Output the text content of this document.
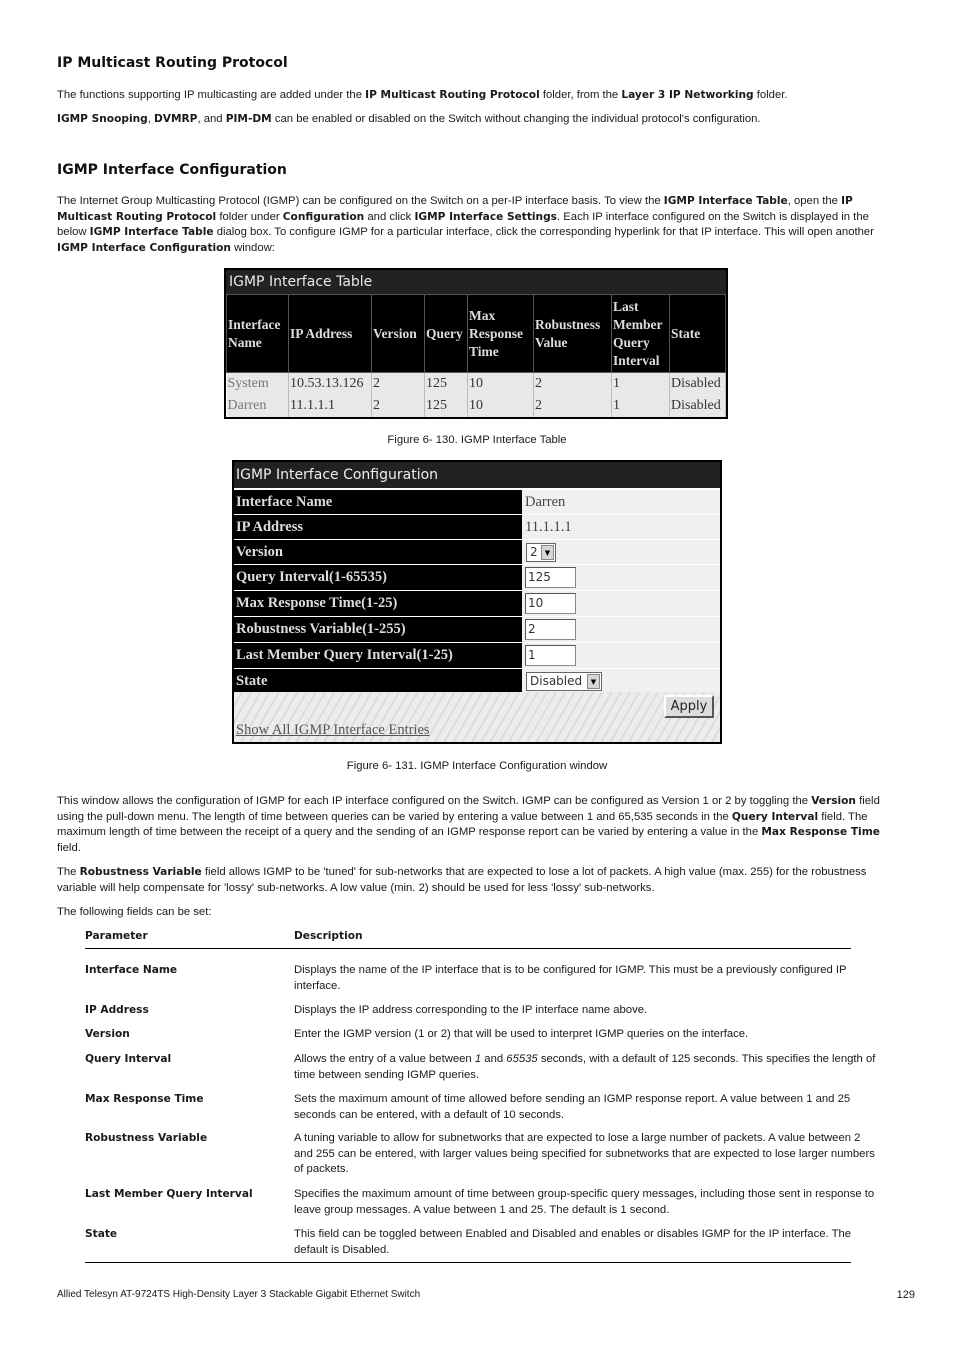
IP Multicast Routing Protocol
The functions supporting IP multicasting are added under the IP Multicast Routing Protocol folder, from the Layer 3 IP Networking folder.
IGMP Snooping, DVMRP, and PIM-DM can be enabled or disabled on the Switch without changing the individual protocol's configuration.
IGMP Interface Configuration
The Internet Group Multicasting Protocol (IGMP) can be configured on the Switch on a per-IP interface basis. To view the IGMP Interface Table, open the IP Multicast Routing Protocol folder under Configuration and click IGMP Interface Settings. Each IP interface configured on the Switch is displayed in the below IGMP Interface Table dialog box. To configure IGMP for a particular interface, click the corresponding hyperlink for that IP interface. This will open another IGMP Interface Configuration window:
IGMP Interface Table
Interface Name	IP Address	Version	Query	Max Response Time	Robustness Value	Last Member Query Interval	State
System	10.53.13.126	2	125	10	2	1	Disabled
Darren	11.1.1.1	2	125	10	2	1	Disabled
Figure 6- 130. IGMP Interface Table
IGMP Interface Configuration
Interface Name	Darren
IP Address	11.1.1.1
Version	2	▼
Query Interval(1-65535)	125
Max Response Time(1-25)	10
Robustness Variable(1-255)	2
Last Member Query Interval(1-25)	1
State	Disabled	▼
Apply
Show All IGMP Interface Entries
Figure 6- 131. IGMP Interface Configuration window
This window allows the configuration of IGMP for each IP interface configured on the Switch. IGMP can be configured as Version 1 or 2 by toggling the Version field using the pull-down menu. The length of time between queries can be varied by entering a value between 1 and 65,535 seconds in the Query Interval field. The maximum length of time between the receipt of a query and the sending of an IGMP response report can be varied by entering a value in the Max Response Time field.
The Robustness Variable field allows IGMP to be 'tuned' for sub-networks that are expected to lose a lot of packets. A high value (max. 255) for the robustness variable will help compensate for 'lossy' sub-networks. A low value (min. 2) should be used for less 'lossy' sub-networks.
The following fields can be set:
Parameter	Description
Interface Name	Displays the name of the IP interface that is to be configured for IGMP. This must be a previously configured IP interface.
IP Address	Displays the IP address corresponding to the IP interface name above.
Version	Enter the IGMP version (1 or 2) that will be used to interpret IGMP queries on the interface.
Query Interval	Allows the entry of a value between 1 and 65535 seconds, with a default of 125 seconds. This specifies the length of time between sending IGMP queries.
Max Response Time	Sets the maximum amount of time allowed before sending an IGMP response report. A value between 1 and 25 seconds can be entered, with a default of 10 seconds.
Robustness Variable	A tuning variable to allow for subnetworks that are expected to lose a large number of packets. A value between 2 and 255 can be entered, with larger values being specified for subnetworks that are expected to lose larger numbers of packets.
Last Member Query Interval	Specifies the maximum amount of time between group-specific query messages, including those sent in response to leave group messages. A value between 1 and 25. The default is 1 second.
State	This field can be toggled between Enabled and Disabled and enables or disables IGMP for the IP interface. The default is Disabled.
Allied Telesyn AT-9724TS High-Density Layer 3 Stackable Gigabit Ethernet Switch	129
